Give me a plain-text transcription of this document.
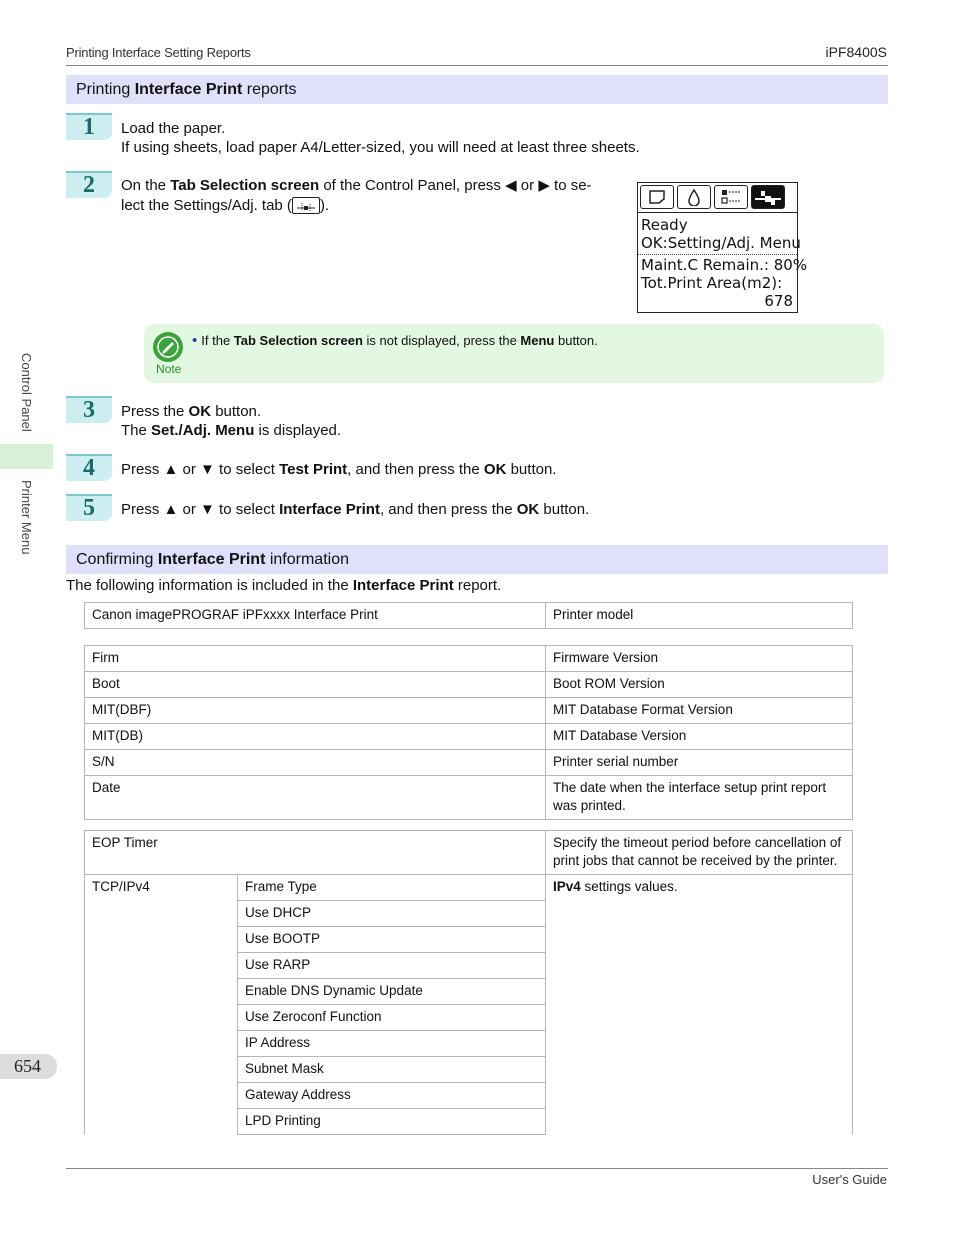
Printing Interface Setting Reports	iPF8400S
Control Panel
Printer Menu
654
Printing Interface Print reports
1	Load the paper.
If using sheets, load paper A4/Letter-sized, you will need at least three sheets.
2	On the Tab Selection screen of the Control Panel, press ◀ or ▶ to se-
lect the Settings/Adj. tab ( ).
Ready
OK:Setting/Adj. Menu
Maint.C Remain.: 80%
Tot.Print Area(m2):
678
Note
• If the Tab Selection screen is not displayed, press the Menu button.
3	Press the OK button.
The Set./Adj. Menu is displayed.
4	Press ▲ or ▼ to select Test Print, and then press the OK button.
5	Press ▲ or ▼ to select Interface Print, and then press the OK button.
Confirming Interface Print information
The following information is included in the Interface Print report.
Canon imagePROGRAF iPFxxxx Interface Print	Printer model
Firm	Firmware Version
Boot	Boot ROM Version
MIT(DBF)	MIT Database Format Version
MIT(DB)	MIT Database Version
S/N	Printer serial number
Date	The date when the interface setup print report was printed.
EOP Timer		Specify the timeout period before cancellation of print jobs that cannot be received by the printer.
TCP/IPv4	Frame Type	IPv4 settings values.
	Use DHCP	
	Use BOOTP	
	Use RARP	
	Enable DNS Dynamic Update	
	Use Zeroconf Function	
	IP Address	
	Subnet Mask	
	Gateway Address	
	LPD Printing	
User's Guide
